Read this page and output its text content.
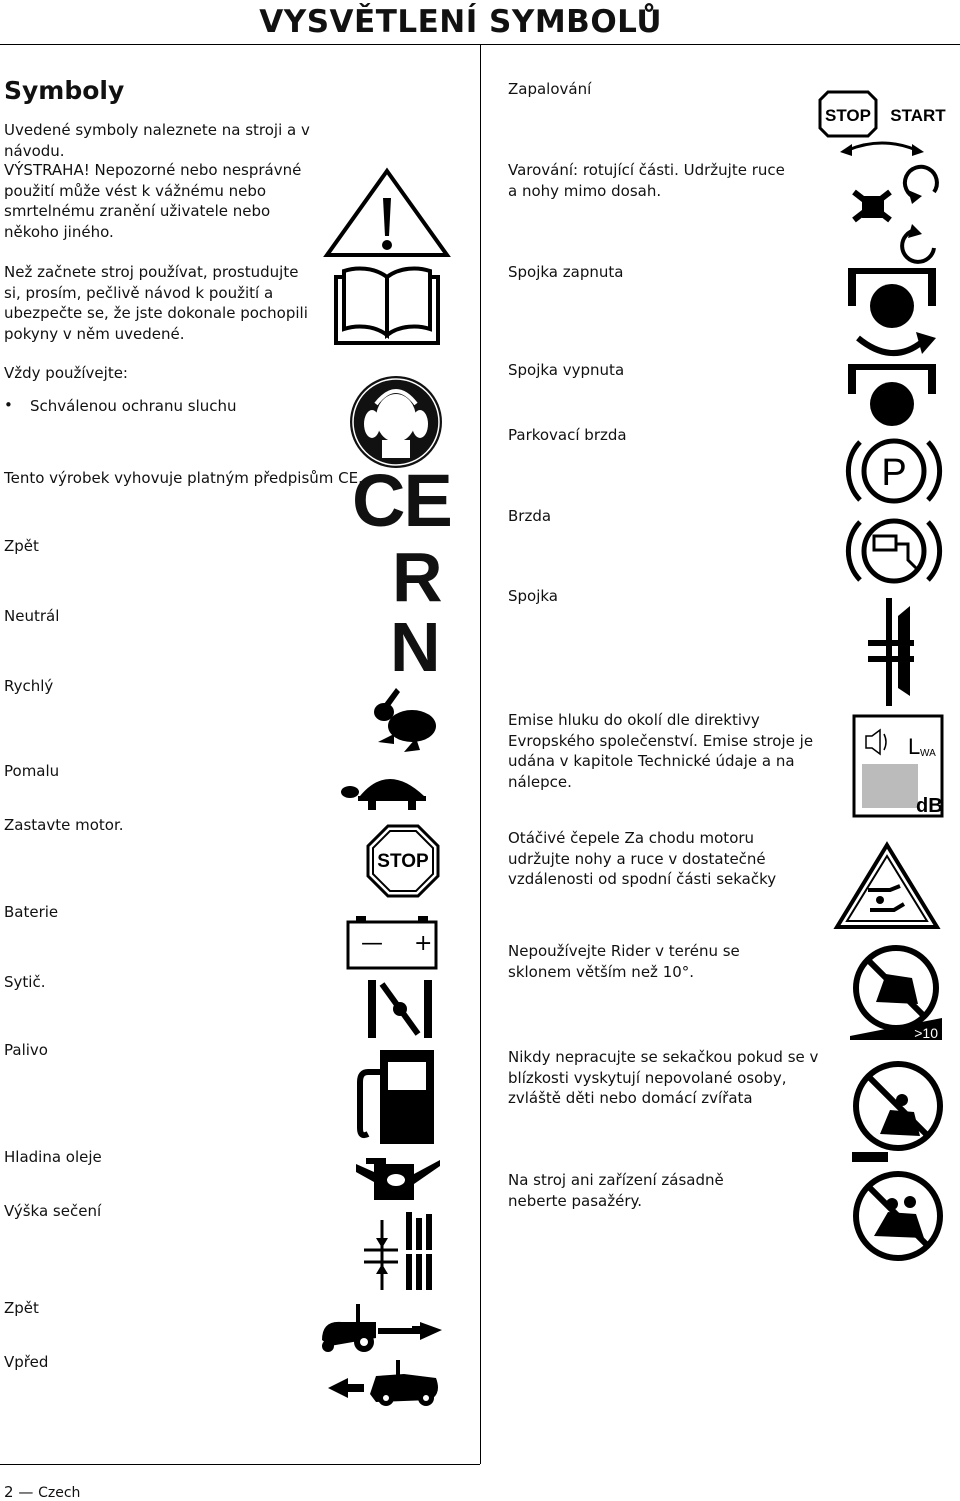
VYSVĚTLENÍ SYMBOLŮ
Symboly
Uvedené symboly naleznete na stroji a v návodu.
VÝSTRAHA! Nepozorné nebo nesprávné použití může vést k vážnému nebo smrtelnému zranění uživatele nebo někoho jiného.
Než začnete stroj používat, prostudujte si, prosím, pečlivě návod k použití a ubezpečte se, že jste dokonale pochopili pokyny v něm uvedené.
Vždy používejte:
• Schválenou ochranu sluchu
Tento výrobek vyhovuje platným předpisům CE.
Zpět
Neutrál
Rychlý
Pomalu
Zastavte motor.
Baterie
Sytič.
Palivo
Hladina oleje
Výška sečení
Zpět
Vpřed
Zapalování
Varování: rotující části. Udržujte ruce a nohy mimo dosah.
Spojka zapnuta
Spojka vypnuta
Parkovací brzda
Brzda
Spojka
Emise hluku do okolí dle direktivy Evropského společenství. Emise stroje je udána v kapitole Technické údaje a na nálepce.
Otáčivé čepele Za chodu motoru udržujte nohy a ruce v dostatečné vzdálenosti od spodní části sekačky
Nepoužívejte Rider v terénu se sklonem větším než 10°.
Nikdy nepracujte se sekačkou pokud se v blízkosti vyskytují nepovolané osoby, zvláště děti nebo domácí zvířata
Na stroj ani zařízení zásadně neberte pasažéry.
CE
R
N
STOP
— +
STOP START
P
L WA
dB
>10
2 — Czech
